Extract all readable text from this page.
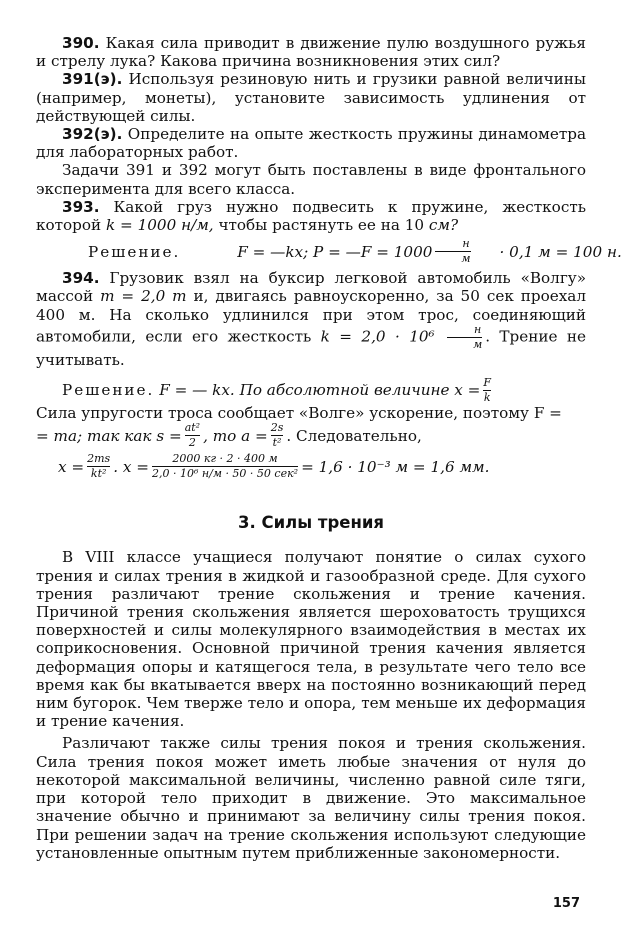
390. Какая сила приводит в движение пулю воздушного ружья и стрелу лука? Какова причина возникновения этих сил?

391(э). Используя резиновую нить и грузики равной величины (например, монеты), установите зависимость удлинения от действующей силы.

392(э). Определите на опыте жесткость пружины динамометра для лабораторных работ.

Задачи 391 и 392 могут быть поставлены в виде фронтального эксперимента для всего класса.

393. Какой груз нужно подвесить к пружине, жесткость которой k = 1000 н/м, чтобы растянуть ее на 10 см?

Решение.
	F = —kx; P = —F = $1000 \frac{н}{м}$	· 0,1 м = 100 н.

394. Грузовик взял на буксир легковой автомобиль «Волгу» массой m = 2,0 т и, двигаясь равноускоренно, за 50 сек проехал 400 м. На сколько удлинился при этом трос, соединяющий автомобили, если его жесткость $k = 2,0 \cdot 10^6 \frac{н}{м}$ . Трение не учитывать.

Решение.
F = — kx. По абсолютной величине $x = \frac{F}{k}$

Сила упругости троса сообщает «Волге» ускорение, поэтому F =

= ma; так как $s = \frac{\text{at²}}{2}$ , то $a = \frac{2s}{\text{t²}}$ . Следовательно,
$x = \frac{2ms}{\text{kt²}}$ . $x = \frac{2000 кг \cdot 2 \cdot 400 м}{\text{2,0 · 10⁶ н/м · 50 · 50 сек²}} = 1,6 \cdot 10^{-3}$ м = 1,6 мм.
3. Силы трения

В VIII классе учащиеся получают понятие о силах сухого трения и силах трения в жидкой и газообразной среде. Для сухого трения различают трение скольжения и трение качения. Причиной трения скольжения является шероховатость трущихся поверхностей и силы молекулярного взаимодействия в местах их соприкосновения. Основной причиной трения качения является деформация опоры и катящегося тела, в результате чего тело все время как бы вкатывается вверх на постоянно возникающий перед ним бугорок. Чем тверже тело и опора, тем меньше их деформация и трение качения.

Различают также силы трения покоя и трения скольжения. Сила трения покоя может иметь любые значения от нуля до некоторой максимальной величины, численно равной силе тяги, при которой тело приходит в движение. Это максимальное значение обычно и принимают за величину силы трения покоя. При решении задач на трение скольжения используют следующие установленные опытным путем приближенные закономерности.

157
